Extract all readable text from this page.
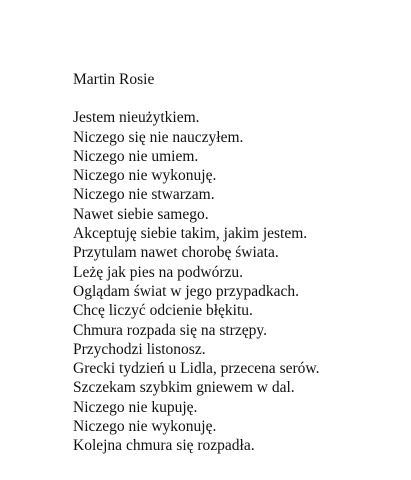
Martin Rosie
Jestem nieużytkiem.
Niczego się nie nauczyłem.
Niczego nie umiem.
Niczego nie wykonuję.
Niczego nie stwarzam.
Nawet siebie samego.
Akceptuję siebie takim, jakim jestem.
Przytulam nawet chorobę świata.
Leżę jak pies na podwórzu.
Oglądam świat w jego przypadkach.
Chcę liczyć odcienie błękitu.
Chmura rozpada się na strzępy.
Przychodzi listonosz.
Grecki tydzień u Lidla, przecena serów.
Szczekam szybkim gniewem w dal.
Niczego nie kupuję.
Niczego nie wykonuję.
Kolejna chmura się rozpadła.
